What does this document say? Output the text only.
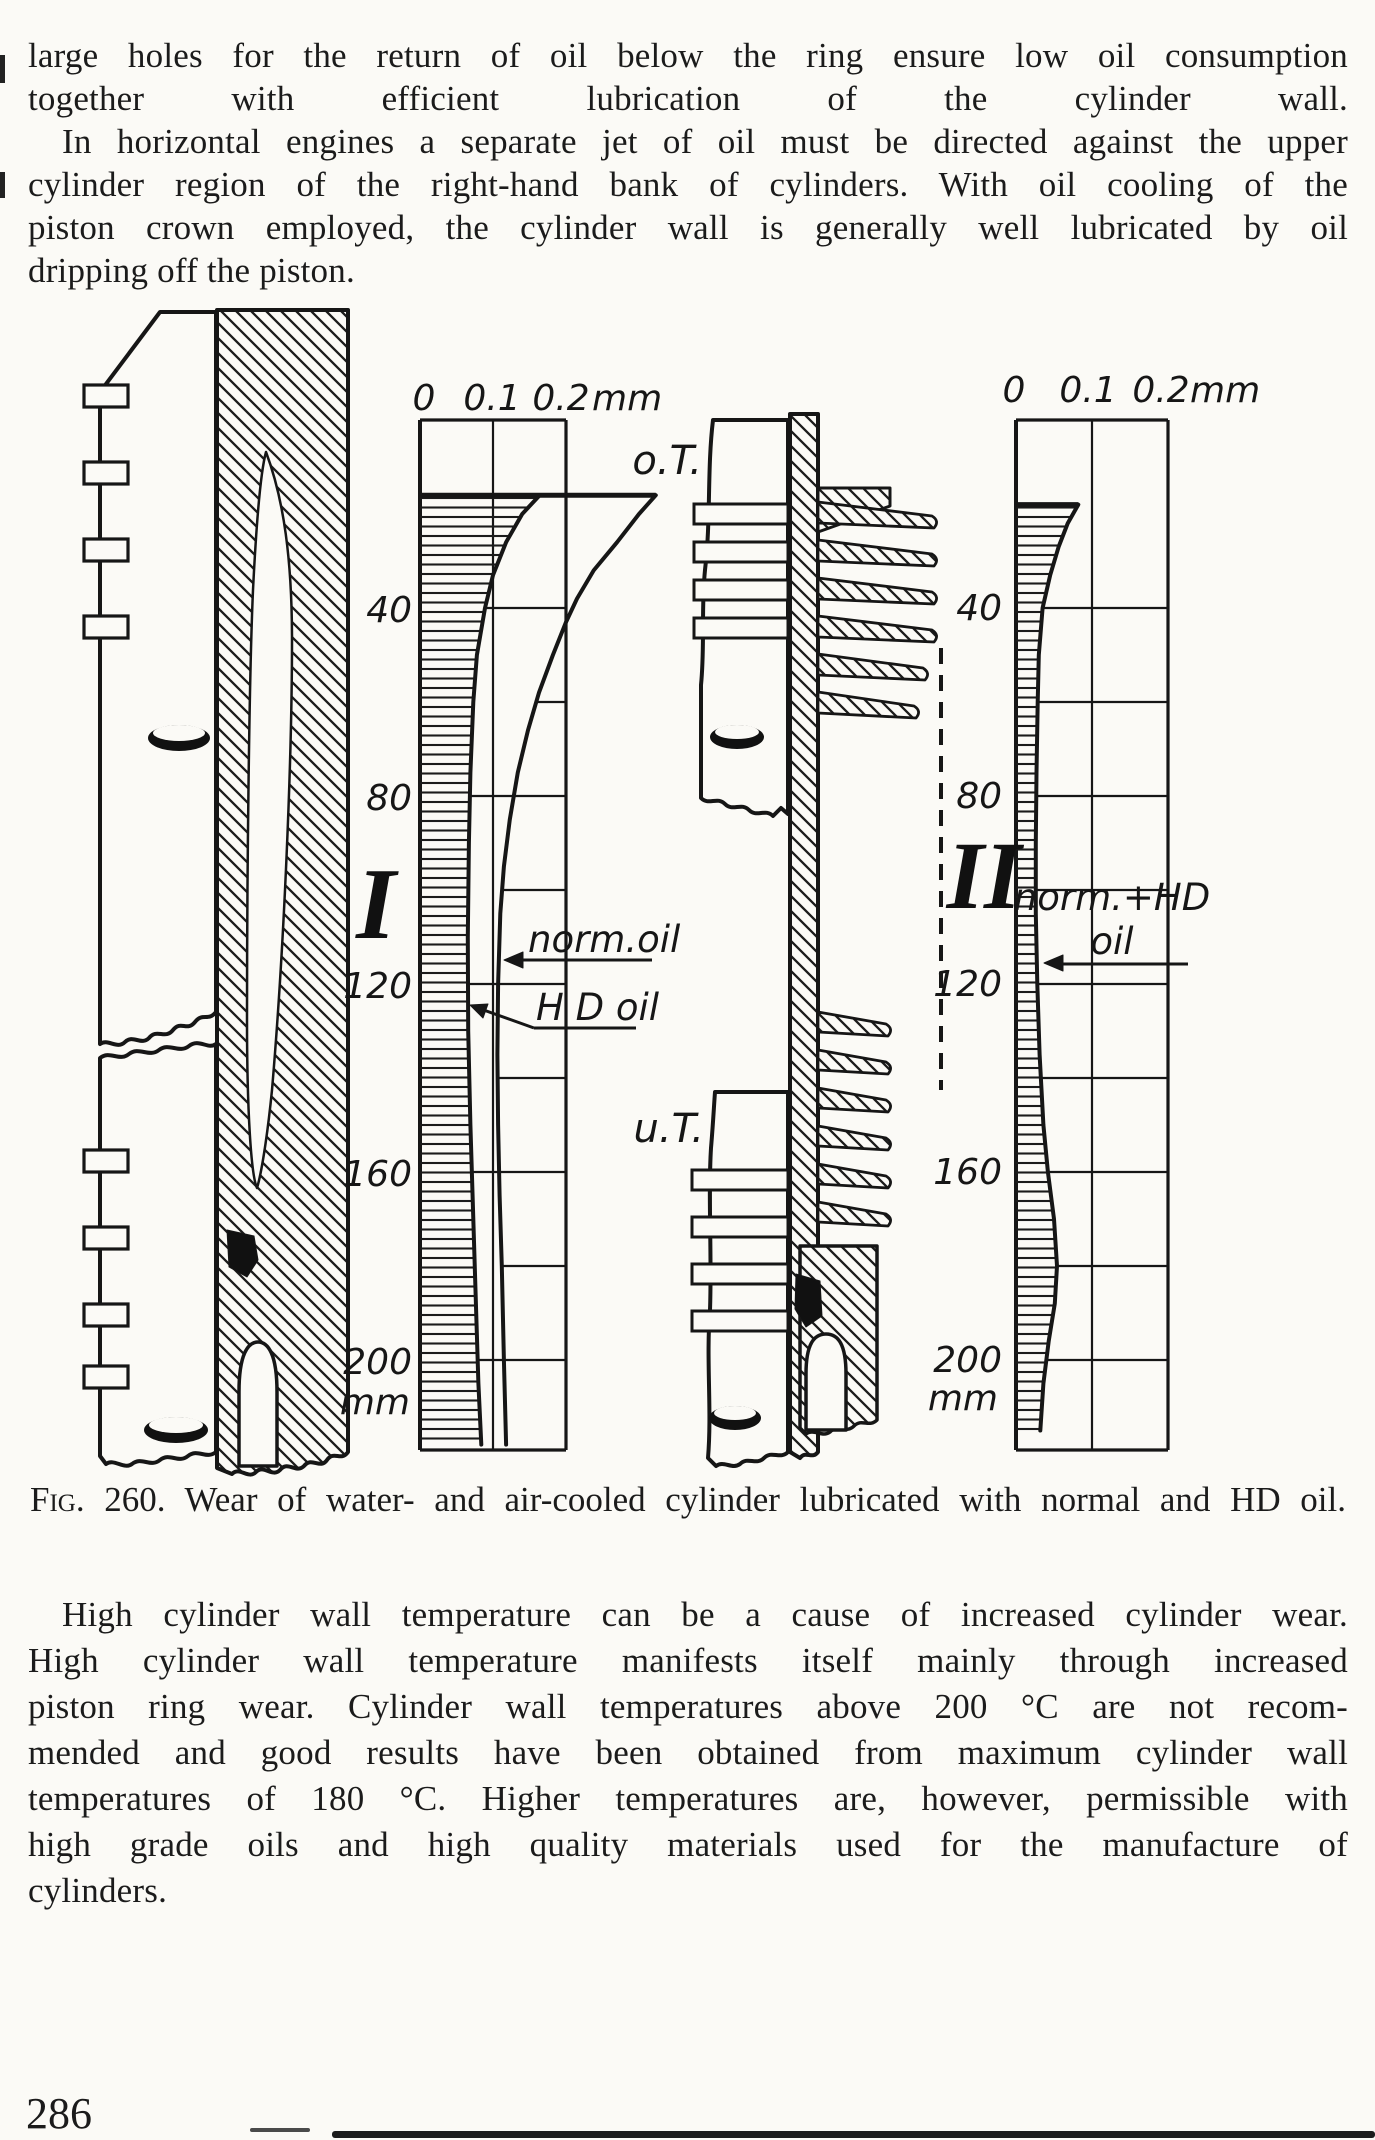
large holes for the return of oil below the ring ensure low oil consumption
together with efficient lubrication of the cylinder wall.
In horizontal engines a separate jet of oil must be directed against the upper
cylinder region of the right-hand bank of cylinders. With oil cooling of the
piston crown employed, the cylinder wall is generally well lubricated by oil
dripping off the piston.
0 0.1 0.2 mm	0 0.1 0.2 mm
40
80
120
160
200
mm
40
80
120
160
200
mm
norm.oil
H D oil
norm.+HD
oil
o.T.
u.T.
I	II
Fig. 260. Wear of water- and air-cooled cylinder lubricated with normal and HD oil.
High cylinder wall temperature can be a cause of increased cylinder wear.
High cylinder wall temperature manifests itself mainly through increased
piston ring wear. Cylinder wall temperatures above 200 °C are not recom-
mended and good results have been obtained from maximum cylinder wall
temperatures of 180 °C. Higher temperatures are, however, permissible with
high grade oils and high quality materials used for the manufacture of
cylinders.
286
